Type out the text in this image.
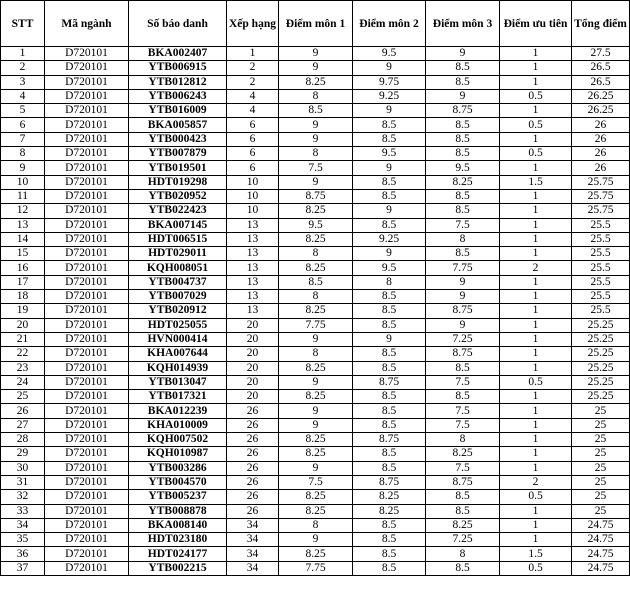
STT	Mã ngành	Số báo danh	Xếp hạng	Điểm môn 1	Điểm môn 2	Điểm môn 3	Điểm ưu tiên	Tổng điểm
1	D720101	BKA002407	1	9	9.5	9	1	27.5
2	D720101	YTB006915	2	9	9	8.5	1	26.5
3	D720101	YTB012812	2	8.25	9.75	8.5	1	26.5
4	D720101	YTB006243	4	8	9.25	9	0.5	26.25
5	D720101	YTB016009	4	8.5	9	8.75	1	26.25
6	D720101	BKA005857	6	9	8.5	8.5	0.5	26
7	D720101	YTB000423	6	9	8.5	8.5	1	26
8	D720101	YTB007879	6	8	9.5	8.5	0.5	26
9	D720101	YTB019501	6	7.5	9	9.5	1	26
10	D720101	HDT019298	10	9	8.5	8.25	1.5	25.75
11	D720101	YTB020952	10	8.75	8.5	8.5	1	25.75
12	D720101	YTB022423	10	8.25	9	8.5	1	25.75
13	D720101	BKA007145	13	9.5	8.5	7.5	1	25.5
14	D720101	HDT006515	13	8.25	9.25	8	1	25.5
15	D720101	HDT029011	13	8	9	8.5	1	25.5
16	D720101	KQH008051	13	8.25	9.5	7.75	2	25.5
17	D720101	YTB004737	13	8.5	8	9	1	25.5
18	D720101	YTB007029	13	8	8.5	9	1	25.5
19	D720101	YTB020912	13	8.25	8.5	8.75	1	25.5
20	D720101	HDT025055	20	7.75	8.5	9	1	25.25
21	D720101	HVN000414	20	9	9	7.25	1	25.25
22	D720101	KHA007644	20	8	8.5	8.75	1	25.25
23	D720101	KQH014939	20	8.25	8.5	8.5	1	25.25
24	D720101	YTB013047	20	9	8.75	7.5	0.5	25.25
25	D720101	YTB017321	20	8.25	8.5	8.5	1	25.25
26	D720101	BKA012239	26	9	8.5	7.5	1	25
27	D720101	KHA010009	26	9	8.5	7.5	1	25
28	D720101	KQH007502	26	8.25	8.75	8	1	25
29	D720101	KQH010987	26	8.25	8.5	8.25	1	25
30	D720101	YTB003286	26	9	8.5	7.5	1	25
31	D720101	YTB004570	26	7.5	8.75	8.75	2	25
32	D720101	YTB005237	26	8.25	8.25	8.5	0.5	25
33	D720101	YTB008878	26	8.25	8.25	8.5	1	25
34	D720101	BKA008140	34	8	8.5	8.25	1	24.75
35	D720101	HDT023180	34	9	8.5	7.25	1	24.75
36	D720101	HDT024177	34	8.25	8.5	8	1.5	24.75
37	D720101	YTB002215	34	7.75	8.5	8.5	0.5	24.75
